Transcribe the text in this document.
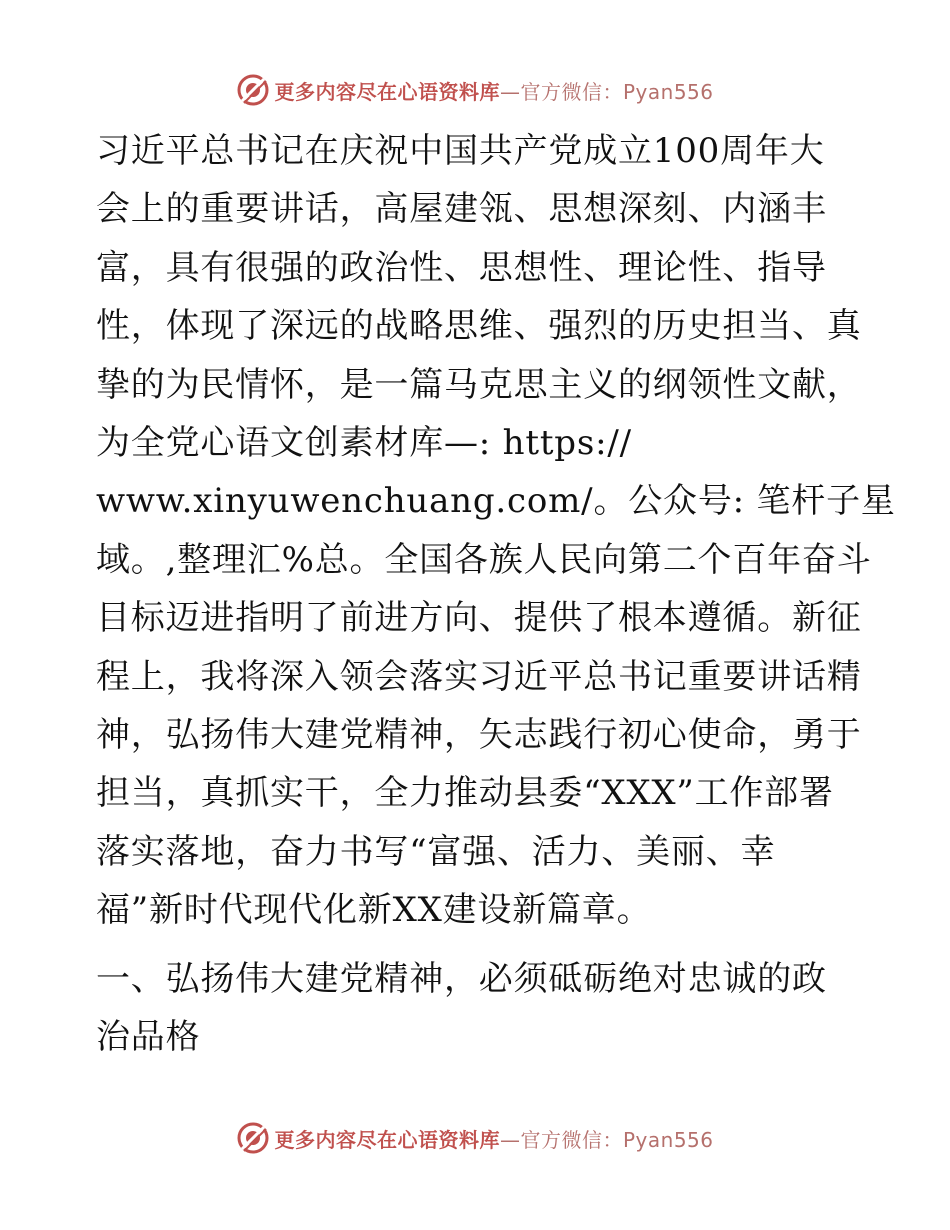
更多内容尽在心语资料库—官方微信：Pyan556
习近平总书记在庆祝中国共产党成立100周年大
会上的重要讲话，高屋建瓴、思想深刻、内涵丰
富，具有很强的政治性、思想性、理论性、指导
性，体现了深远的战略思维、强烈的历史担当、真
挚的为民情怀，是一篇马克思主义的纲领性文献，
为全党心语文创素材库—: https://
www.xinyuwenchuang.com/。公众号: 笔杆子星
域。,整理汇%总。全国各族人民向第二个百年奋斗
目标迈进指明了前进方向、提供了根本遵循。新征
程上，我将深入领会落实习近平总书记重要讲话精
神，弘扬伟大建党精神，矢志践行初心使命，勇于
担当，真抓实干，全力推动县委“XXX”工作部署
落实落地，奋力书写“富强、活力、美丽、幸
福”新时代现代化新XX建设新篇章。
一、弘扬伟大建党精神，必须砥砺绝对忠诚的政
治品格
更多内容尽在心语资料库—官方微信：Pyan556
